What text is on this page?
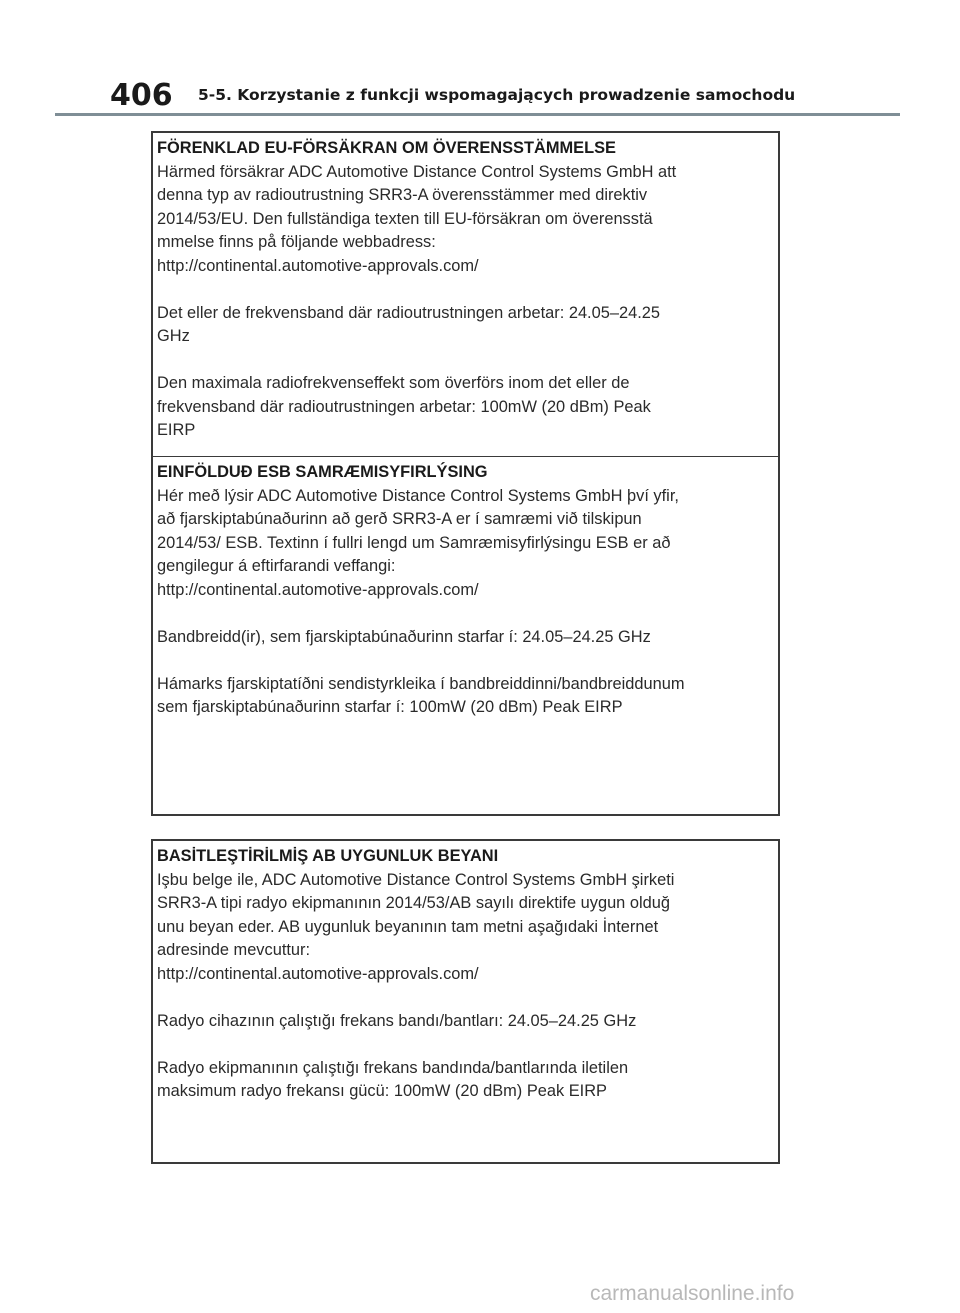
406 5-5. Korzystanie z funkcji wspomagających prowadzenie samochodu
FÖRENKLAD EU-FÖRSÄKRAN OM ÖVERENSSTÄMMELSE

Härmed försäkrar ADC Automotive Distance Control Systems GmbH att
denna typ av radioutrustning SRR3-A överensstämmer med direktiv
2014/53/EU. Den fullständiga texten till EU-försäkran om överensstä
mmelse finns på följande webbadress:
http://continental.automotive-approvals.com/

Det eller de frekvensband där radioutrustningen arbetar: 24.05–24.25
GHz

Den maximala radiofrekvenseffekt som överförs inom det eller de
frekvensband där radioutrustningen arbetar: 100mW (20 dBm) Peak
EIRP

EINFÖLDUÐ ESB SAMRÆMISYFIRLÝSING

Hér með lýsir ADC Automotive Distance Control Systems GmbH því yfir,
að fjarskiptabúnaðurinn að gerð SRR3-A er í samræmi við tilskipun
2014/53/ ESB. Textinn í fullri lengd um Samræmisyfirlýsingu ESB er að
gengilegur á eftirfarandi veffangi:
http://continental.automotive-approvals.com/

Bandbreidd(ir), sem fjarskiptabúnaðurinn starfar í: 24.05–24.25 GHz

Hámarks fjarskiptatíðni sendistyrkleika í bandbreiddinni/bandbreiddunum
sem fjarskiptabúnaðurinn starfar í: 100mW (20 dBm) Peak EIRP

BASİTLEŞTİRİLMİŞ AB UYGUNLUK BEYANI

Işbu belge ile, ADC Automotive Distance Control Systems GmbH şirketi
SRR3-A tipi radyo ekipmanının 2014/53/AB sayılı direktife uygun olduğ
unu beyan eder. AB uygunluk beyanının tam metni aşağıdaki İnternet
adresinde mevcuttur:
http://continental.automotive-approvals.com/

Radyo cihazının çalıştığı frekans bandı/bantları: 24.05–24.25 GHz

Radyo ekipmanının çalıştığı frekans bandında/bantlarında iletilen
maksimum radyo frekansı gücü: 100mW (20 dBm) Peak EIRP

carmanualsonline.info
